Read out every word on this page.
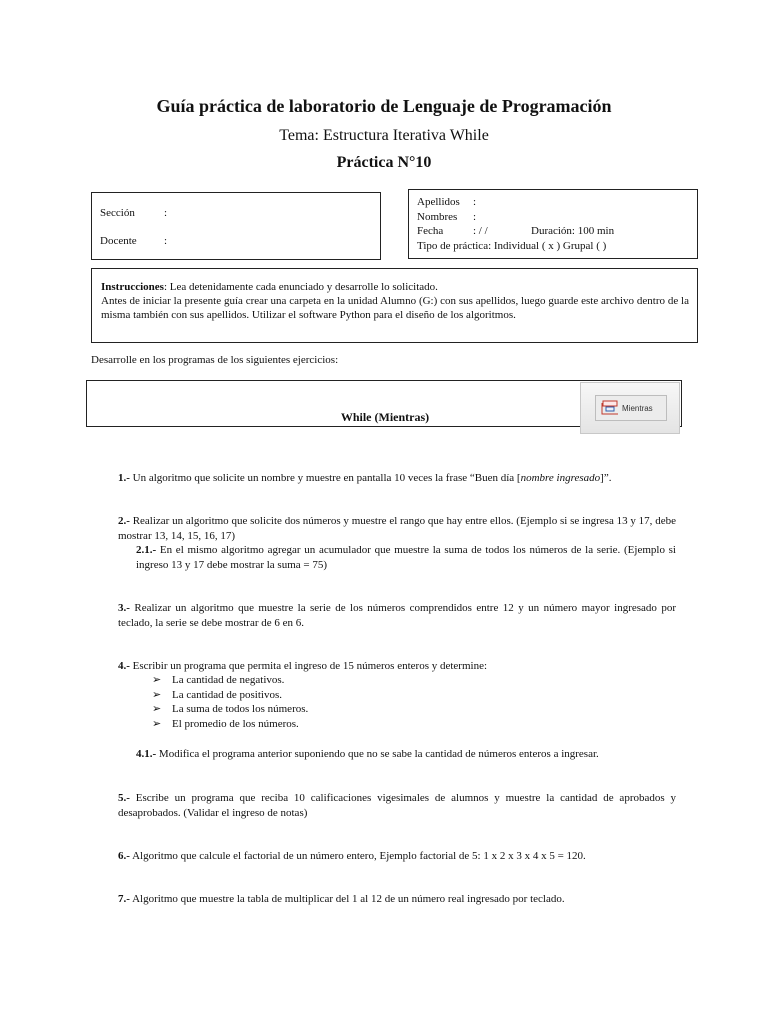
Guía práctica de laboratorio de Lenguaje de Programación
Tema: Estructura Iterativa While
Práctica N°10
Sección	:
Docente :
Apellidos :
Nombres :
Fecha	: / /	Duración: 100 min
Tipo de práctica: Individual ( x ) Grupal ( )
Instrucciones: Lea detenidamente cada enunciado y desarrolle lo solicitado.
Antes de iniciar la presente guía crear una carpeta en la unidad Alumno (G:) con sus apellidos, luego guarde este archivo dentro de la misma también con sus apellidos. Utilizar el software Python para el diseño de los algoritmos.
Desarrolle en los programas de los siguientes ejercicios:
While (Mientras)
Mientras
1.- Un algoritmo que solicite un nombre y muestre en pantalla 10 veces la frase “Buen día [nombre ingresado]”.
2.- Realizar un algoritmo que solicite dos números y muestre el rango que hay entre ellos. (Ejemplo si se ingresa 13 y 17, debe mostrar 13, 14, 15, 16, 17)
2.1.- En el mismo algoritmo agregar un acumulador que muestre la suma de todos los números de la serie. (Ejemplo si ingreso 13 y 17 debe mostrar la suma = 75)
3.- Realizar un algoritmo que muestre la serie de los números comprendidos entre 12 y un número mayor ingresado por teclado, la serie se debe mostrar de 6 en 6.
4.- Escribir un programa que permita el ingreso de 15 números enteros y determine:
➢ La cantidad de negativos.
➢ La cantidad de positivos.
➢ La suma de todos los números.
➢ El promedio de los números.
4.1.- Modifica el programa anterior suponiendo que no se sabe la cantidad de números enteros a ingresar.
5.- Escribe un programa que reciba 10 calificaciones vigesimales de alumnos y muestre la cantidad de aprobados y desaprobados. (Validar el ingreso de notas)
6.- Algoritmo que calcule el factorial de un número entero, Ejemplo factorial de 5: 1 x 2 x 3 x 4 x 5 = 120.
7.- Algoritmo que muestre la tabla de multiplicar del 1 al 12 de un número real ingresado por teclado.
